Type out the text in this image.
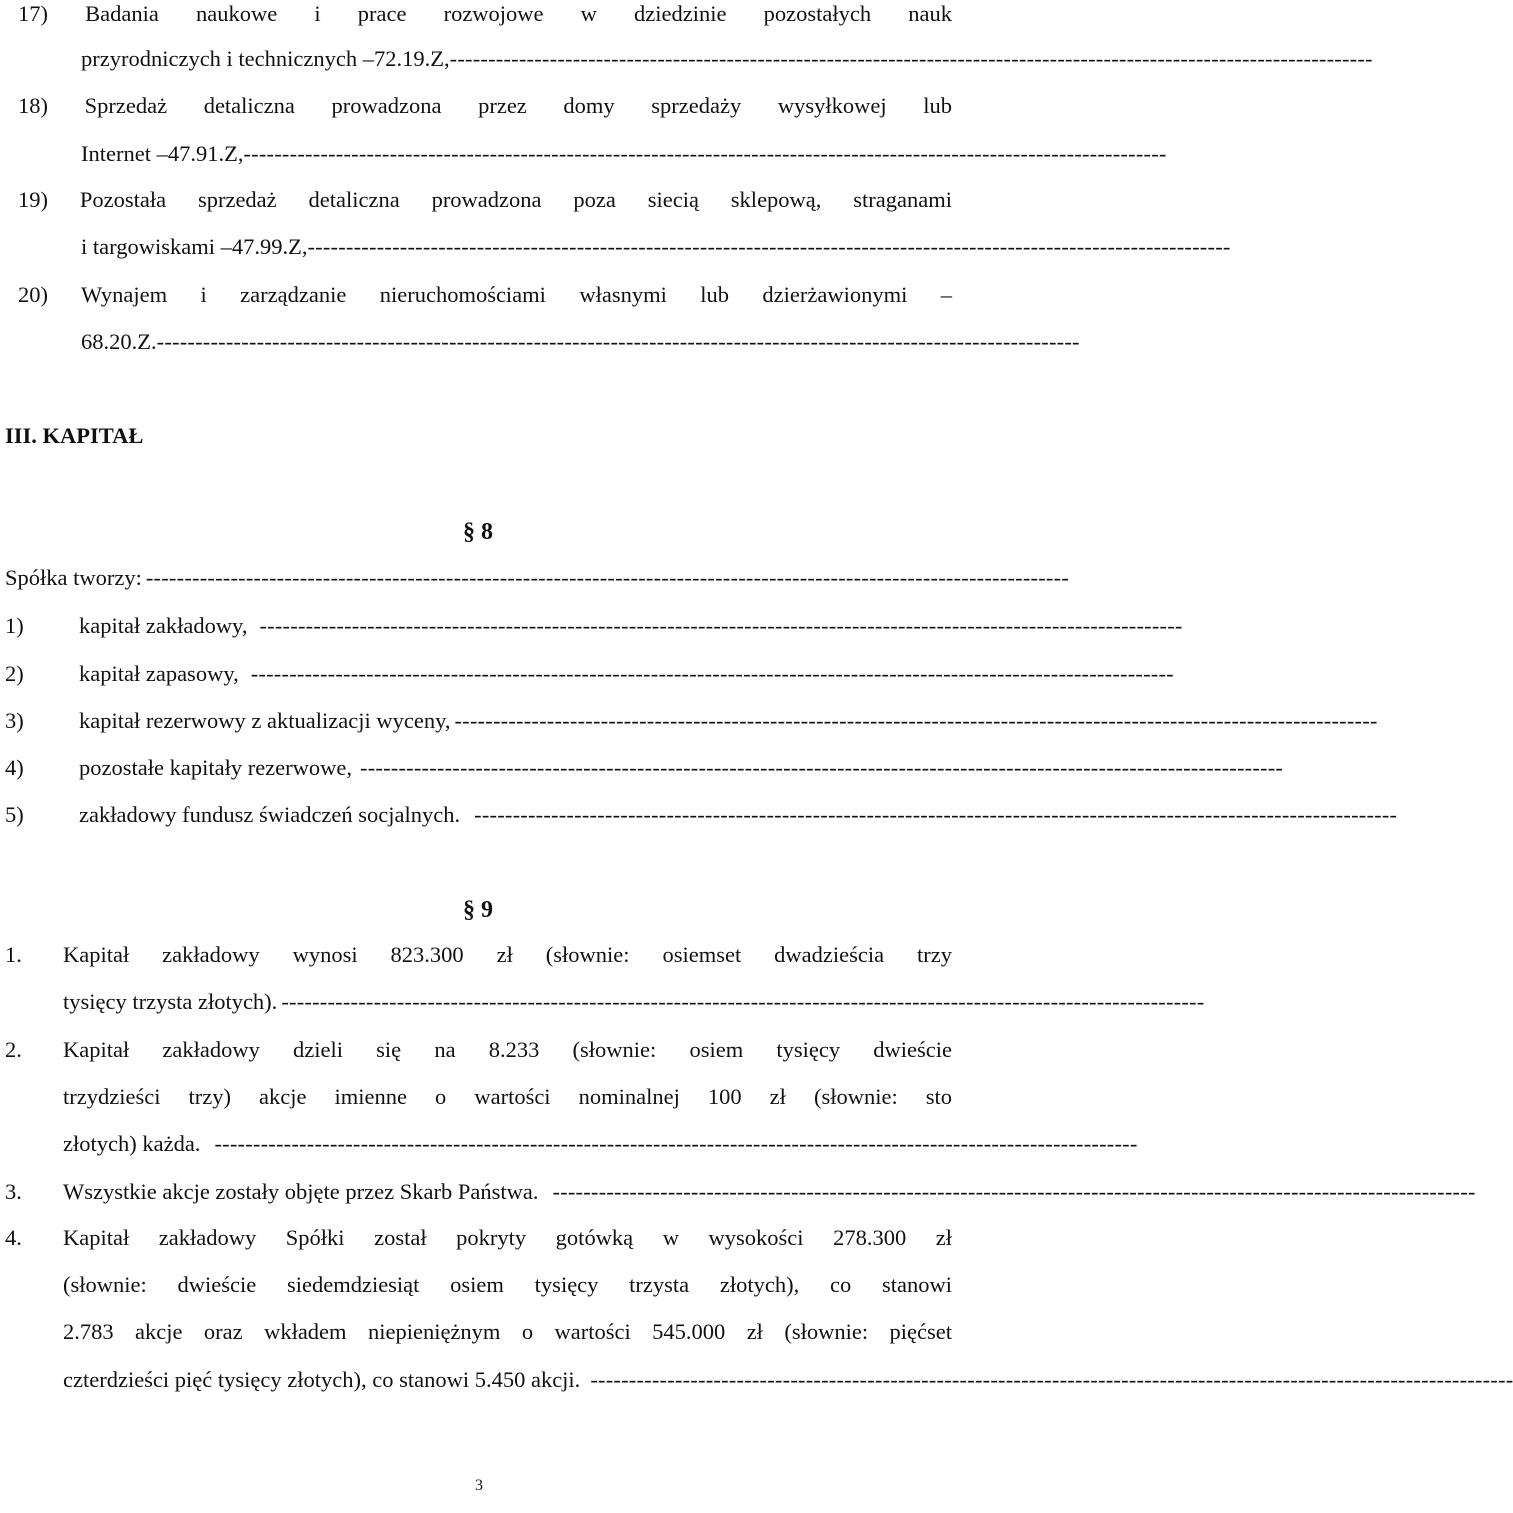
17) Badania naukowe i prace rozwojowe w dziedzinie pozostałych nauk
przyrodniczych i technicznych –72.19.Z, ------------------------------------------------------------------------------------------------------------------------
18) Sprzedaż detaliczna prowadzona przez domy sprzedaży wysyłkowej lub
Internet –47.91.Z, ------------------------------------------------------------------------------------------------------------------------
19) Pozostała sprzedaż detaliczna prowadzona poza siecią sklepową, straganami
i targowiskami –47.99.Z, ------------------------------------------------------------------------------------------------------------------------
20) Wynajem i zarządzanie nieruchomościami własnymi lub dzierżawionymi –
68.20.Z. ------------------------------------------------------------------------------------------------------------------------
III. KAPITAŁ
§ 8
Spółka tworzy: ------------------------------------------------------------------------------------------------------------------------
1) kapitał zakładowy, ------------------------------------------------------------------------------------------------------------------------
2) kapitał zapasowy, ------------------------------------------------------------------------------------------------------------------------
3) kapitał rezerwowy z aktualizacji wyceny, ------------------------------------------------------------------------------------------------------------------------
4) pozostałe kapitały rezerwowe, ------------------------------------------------------------------------------------------------------------------------
5) zakładowy fundusz świadczeń socjalnych. ------------------------------------------------------------------------------------------------------------------------
§ 9
1. Kapitał zakładowy wynosi 823.300 zł (słownie: osiemset dwadzieścia trzy
tysięcy trzysta złotych). ------------------------------------------------------------------------------------------------------------------------
2. Kapitał zakładowy dzieli się na 8.233 (słownie: osiem tysięcy dwieście
trzydzieści trzy) akcje imienne o wartości nominalnej 100 zł (słownie: sto
złotych) każda. ------------------------------------------------------------------------------------------------------------------------
3. Wszystkie akcje zostały objęte przez Skarb Państwa. ------------------------------------------------------------------------------------------------------------------------
4. Kapitał zakładowy Spółki został pokryty gotówką w wysokości 278.300 zł
(słownie: dwieście siedemdziesiąt osiem tysięcy trzysta złotych), co stanowi
2.783 akcje oraz wkładem niepieniężnym o wartości 545.000 zł (słownie: pięćset
czterdzieści pięć tysięcy złotych), co stanowi 5.450 akcji. ------------------------------------------------------------------------------------------------------------------------
3
